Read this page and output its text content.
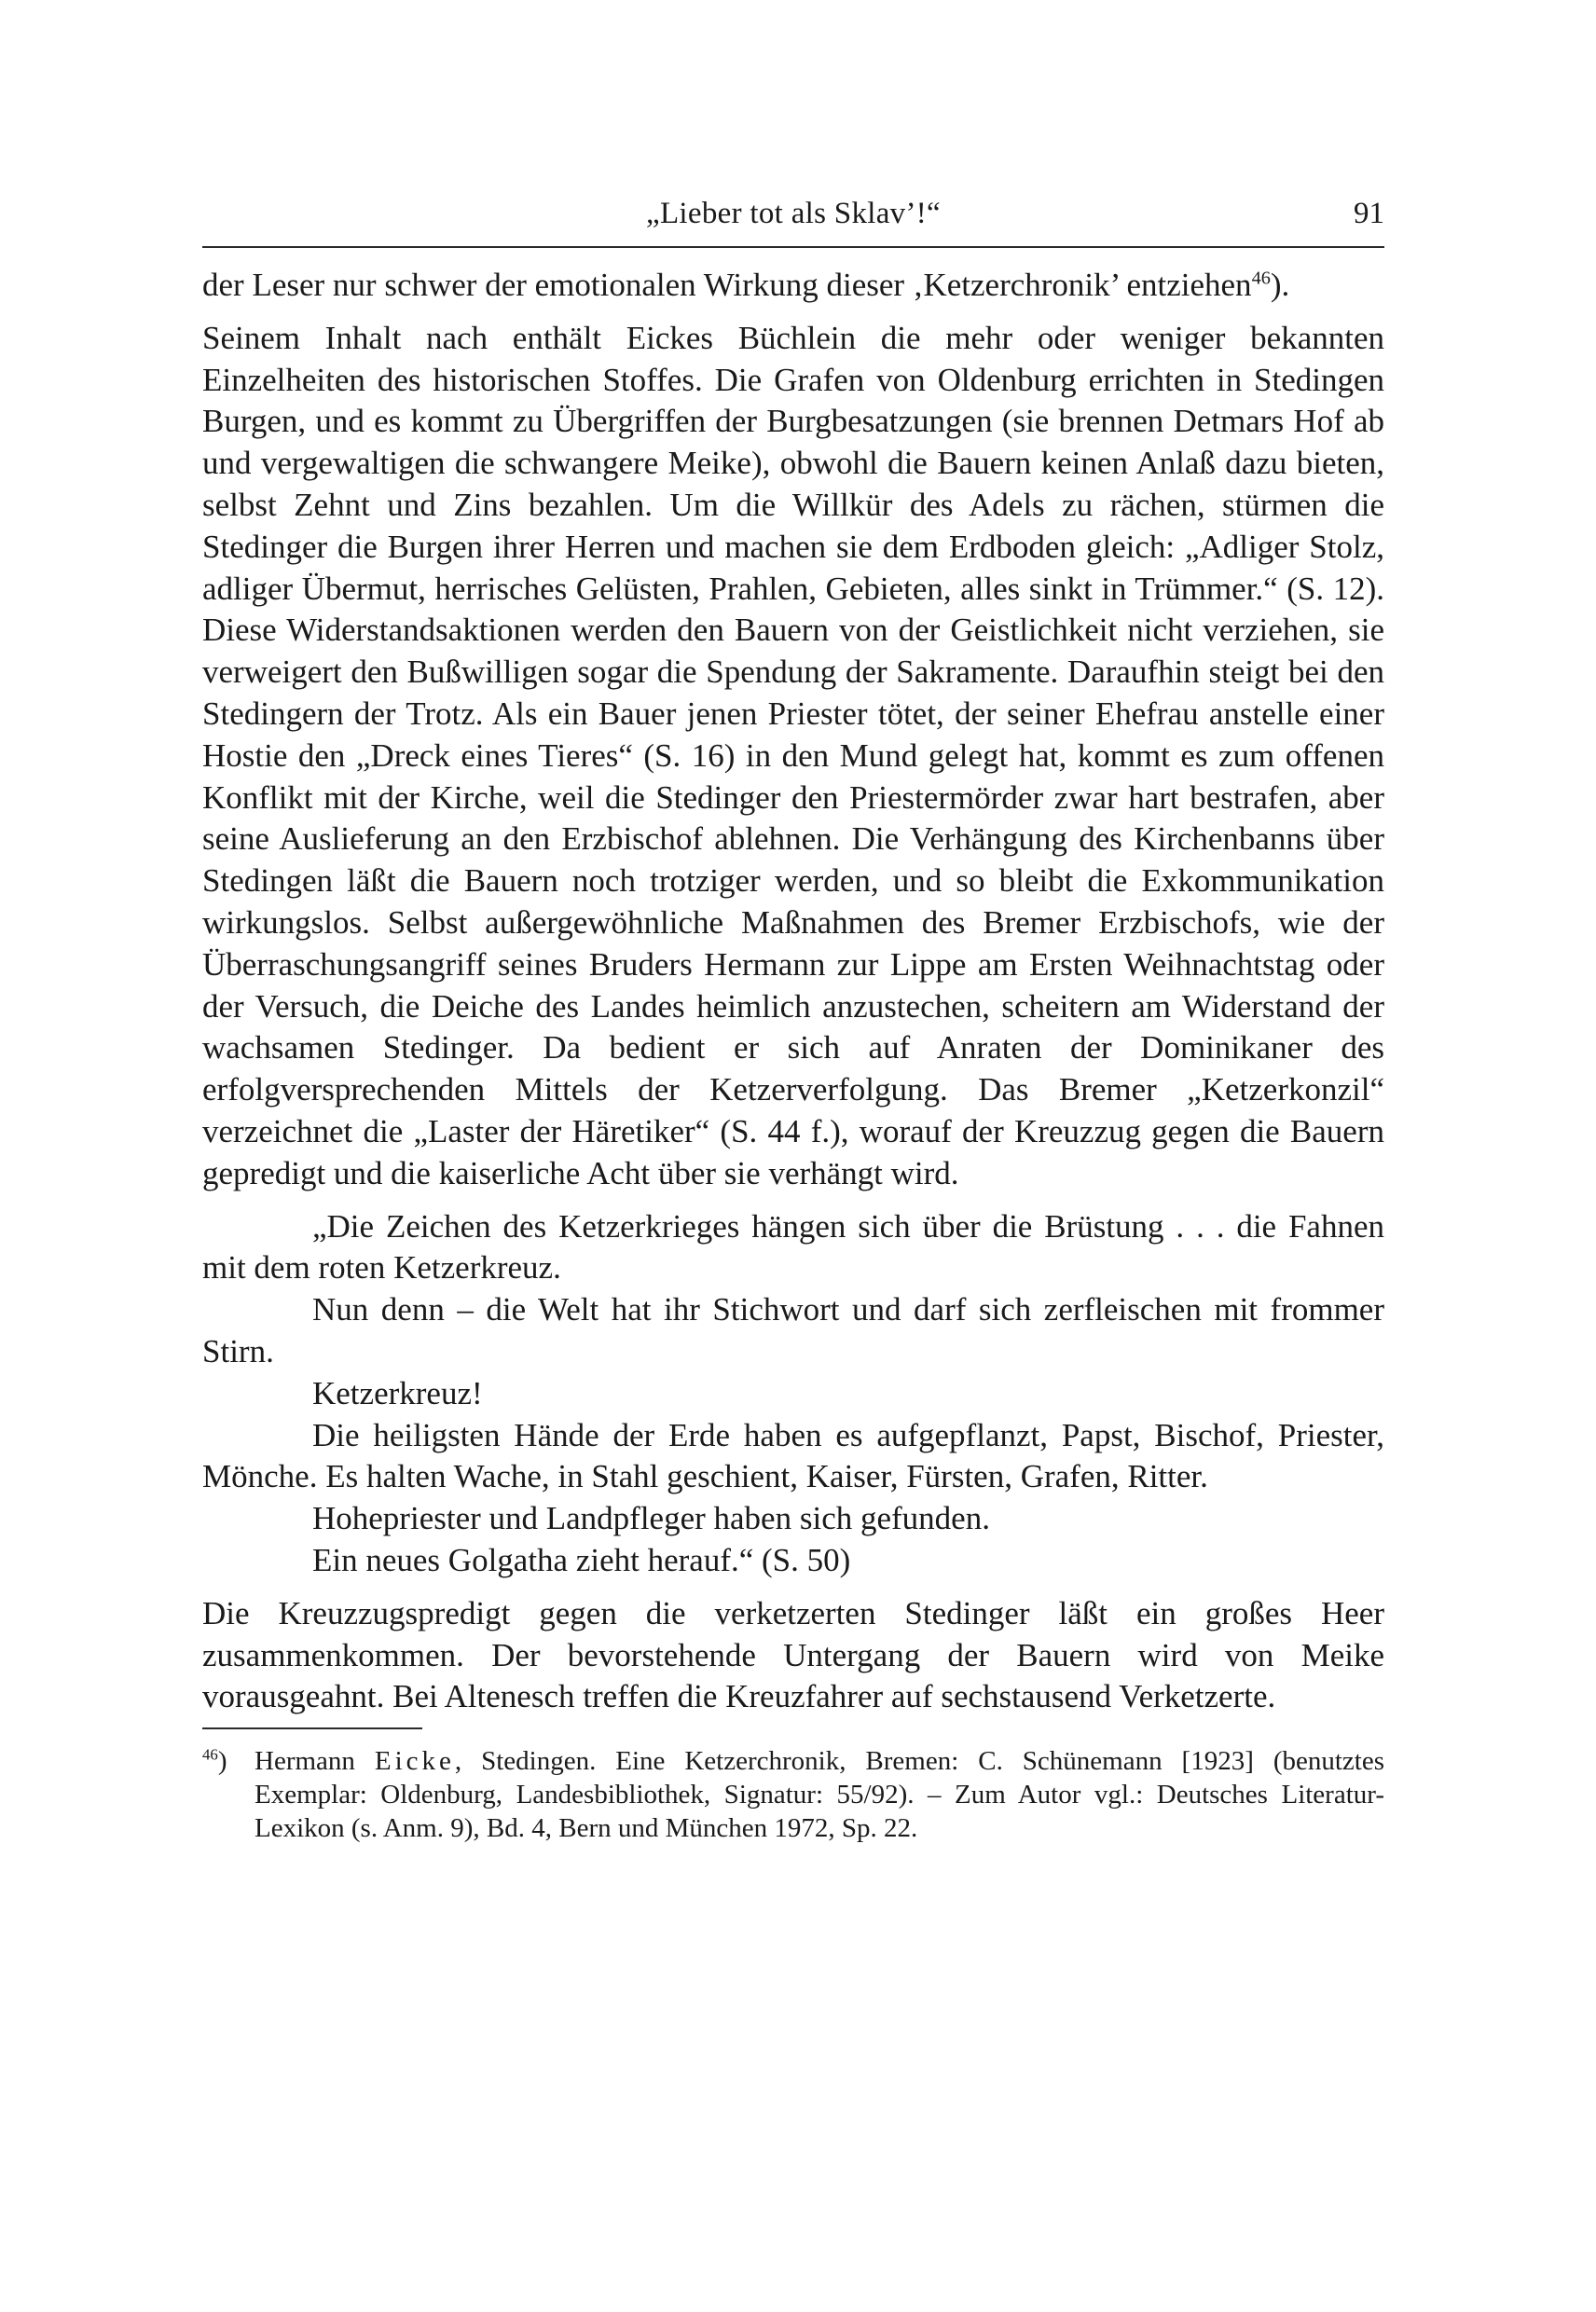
„Lieber tot als Sklav’!“	91

der Leser nur schwer der emotionalen Wirkung dieser ‚Ketzerchronik’ entziehen$^{46}$).

Seinem Inhalt nach enthält Eickes Büchlein die mehr oder weniger bekannten Einzelheiten des historischen Stoffes. Die Grafen von Oldenburg errichten in Stedingen Burgen, und es kommt zu Übergriffen der Burgbesatzungen (sie brennen Detmars Hof ab und vergewaltigen die schwangere Meike), obwohl die Bauern keinen Anlaß dazu bieten, selbst Zehnt und Zins bezahlen. Um die Willkür des Adels zu rächen, stürmen die Stedinger die Burgen ihrer Herren und machen sie dem Erdboden gleich: „Adliger Stolz, adliger Übermut, herrisches Gelüsten, Prahlen, Gebieten, alles sinkt in Trümmer.“ (S. 12). Diese Widerstandsaktionen werden den Bauern von der Geistlichkeit nicht verziehen, sie verweigert den Bußwilligen sogar die Spendung der Sakramente. Daraufhin steigt bei den Stedingern der Trotz. Als ein Bauer jenen Priester tötet, der seiner Ehefrau anstelle einer Hostie den „Dreck eines Tieres“ (S. 16) in den Mund gelegt hat, kommt es zum offenen Konflikt mit der Kirche, weil die Stedinger den Priestermörder zwar hart bestrafen, aber seine Auslieferung an den Erzbischof ablehnen. Die Verhängung des Kirchenbanns über Stedingen läßt die Bauern noch trotziger werden, und so bleibt die Exkommunikation wirkungslos. Selbst außergewöhnliche Maßnahmen des Bremer Erzbischofs, wie der Überraschungsangriff seines Bruders Hermann zur Lippe am Ersten Weihnachtstag oder der Versuch, die Deiche des Landes heimlich anzustechen, scheitern am Widerstand der wachsamen Stedinger. Da bedient er sich auf Anraten der Dominikaner des erfolgversprechenden Mittels der Ketzerverfolgung. Das Bremer „Ketzerkonzil“ verzeichnet die „Laster der Häretiker“ (S. 44 f.), worauf der Kreuzzug gegen die Bauern gepredigt und die kaiserliche Acht über sie verhängt wird.

„Die Zeichen des Ketzerkrieges hängen sich über die Brüstung . . . die Fahnen mit dem roten Ketzerkreuz.

Nun denn – die Welt hat ihr Stichwort und darf sich zerfleischen mit frommer Stirn.

Ketzerkreuz!

Die heiligsten Hände der Erde haben es aufgepflanzt, Papst, Bischof, Priester, Mönche. Es halten Wache, in Stahl geschient, Kaiser, Fürsten, Grafen, Ritter.

Hohepriester und Landpfleger haben sich gefunden.

Ein neues Golgatha zieht herauf.“ (S. 50)

Die Kreuzzugspredigt gegen die verketzerten Stedinger läßt ein großes Heer zusammenkommen. Der bevorstehende Untergang der Bauern wird von Meike vorausgeahnt. Bei Altenesch treffen die Kreuzfahrer auf sechstausend Verketzerte.

$^{46}$) Hermann Eicke, Stedingen. Eine Ketzerchronik, Bremen: C. Schünemann [1923] (benutztes Exemplar: Oldenburg, Landesbibliothek, Signatur: 55/92). – Zum Autor vgl.: Deutsches Literatur-Lexikon (s. Anm. 9), Bd. 4, Bern und München 1972, Sp. 22.
